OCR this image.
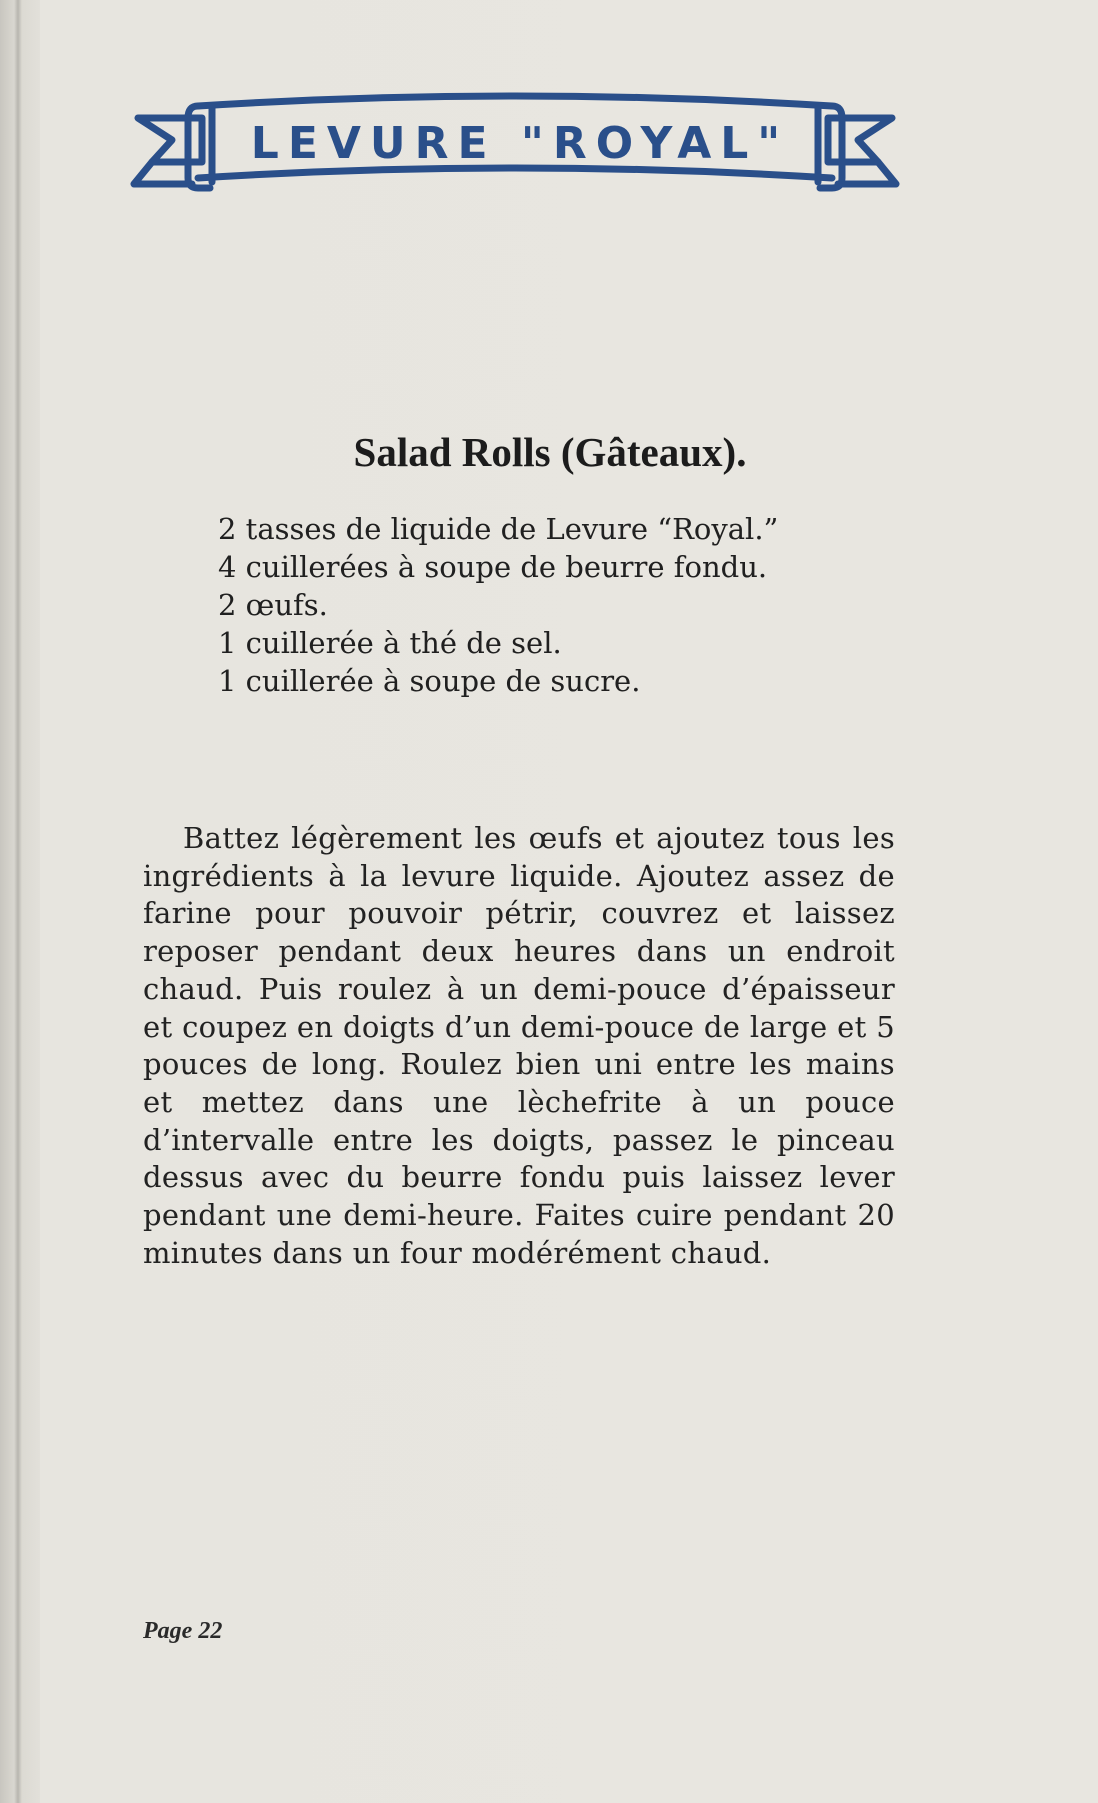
LEVURE "ROYAL"
Salad Rolls (Gâteaux).
2 tasses de liquide de Levure “Royal.”
4 cuillerées à soupe de beurre fondu.
2 œufs.
1 cuillerée à thé de sel.
1 cuillerée à soupe de sucre.

Battez légèrement les œufs et ajoutez tous les ingrédients à la levure liquide. Ajoutez assez de farine pour pouvoir pétrir, couvrez et laissez reposer pendant deux heures dans un endroit chaud. Puis roulez à un demi-pouce d’épaisseur et coupez en doigts d’un demi-pouce de large et 5 pouces de long. Roulez bien uni entre les mains et mettez dans une lèchefrite à un pouce d’intervalle entre les doigts, passez le pinceau dessus avec du beurre fondu puis laissez lever pendant une demi-heure. Faites cuire pendant 20 minutes dans un four modérément chaud.

Page 22
